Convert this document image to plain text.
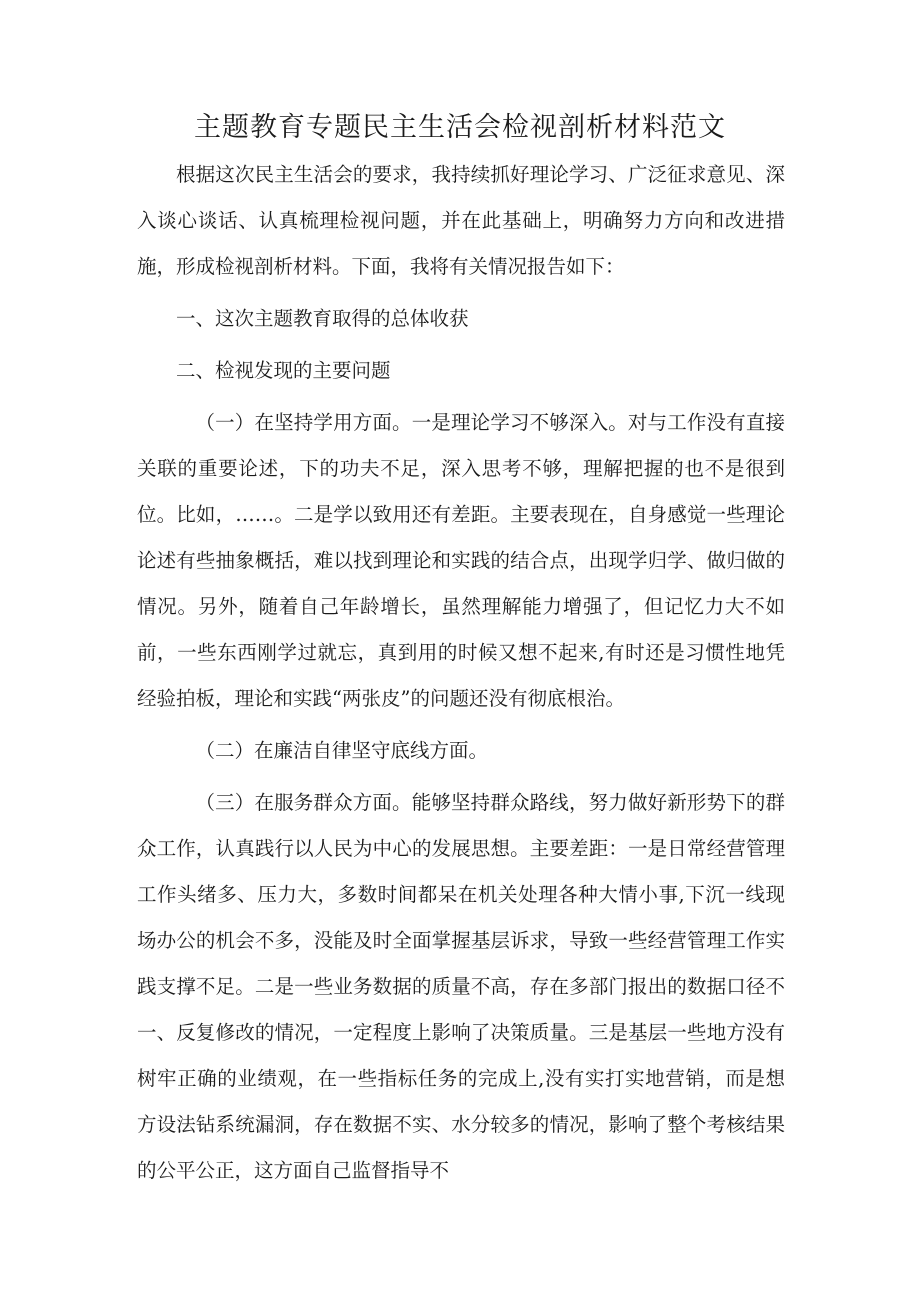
主题教育专题民主生活会检视剖析材料范文

根据这次民主生活会的要求，我持续抓好理论学习、广泛征求意见、深入谈心谈话、认真梳理检视问题，并在此基础上，明确努力方向和改进措施，形成检视剖析材料。下面，我将有关情况报告如下：

一、这次主题教育取得的总体收获

二、检视发现的主要问题

（一）在坚持学用方面。一是理论学习不够深入。对与工作没有直接关联的重要论述，下的功夫不足，深入思考不够，理解把握的也不是很到位。比如，……。二是学以致用还有差距。主要表现在，自身感觉一些理论论述有些抽象概括，难以找到理论和实践的结合点，出现学归学、做归做的情况。另外，随着自己年龄增长，虽然理解能力增强了，但记忆力大不如前，一些东西刚学过就忘，真到用的时候又想不起来,有时还是习惯性地凭经验拍板，理论和实践“两张皮”的问题还没有彻底根治。

（二）在廉洁自律坚守底线方面。

（三）在服务群众方面。能够坚持群众路线，努力做好新形势下的群众工作，认真践行以人民为中心的发展思想。主要差距：一是日常经营管理工作头绪多、压力大，多数时间都呆在机关处理各种大情小事,下沉一线现场办公的机会不多，没能及时全面掌握基层诉求，导致一些经营管理工作实践支撑不足。二是一些业务数据的质量不高，存在多部门报出的数据口径不一、反复修改的情况，一定程度上影响了决策质量。三是基层一些地方没有树牢正确的业绩观，在一些指标任务的完成上,没有实打实地营销，而是想方设法钻系统漏洞，存在数据不实、水分较多的情况，影响了整个考核结果的公平公正，这方面自己监督指导不
